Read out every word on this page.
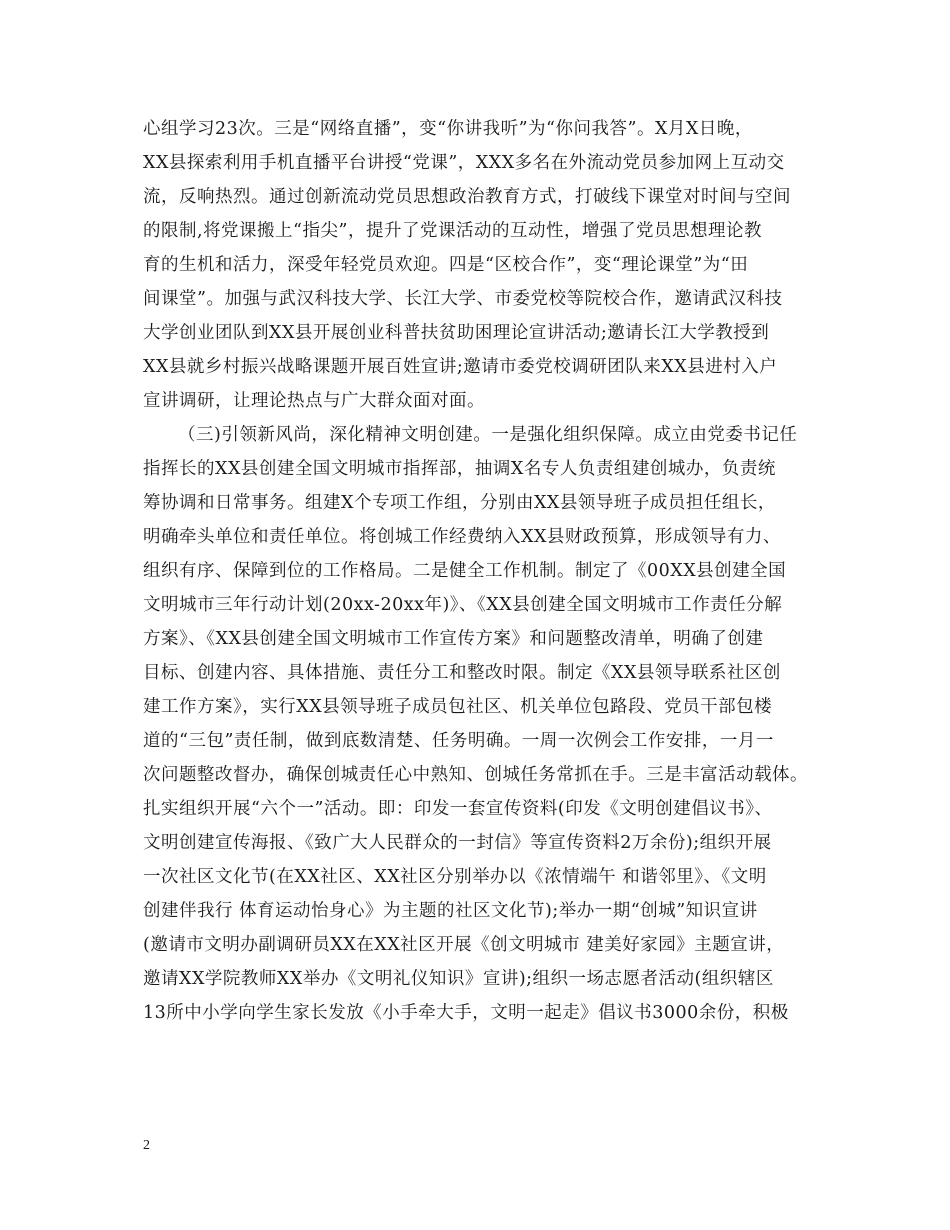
心组学习23次。三是“网络直播”，变“你讲我听”为“你问我答”。X月X日晚，
XX县探索利用手机直播平台讲授“党课”，XXX多名在外流动党员参加网上互动交
流，反响热烈。通过创新流动党员思想政治教育方式，打破线下课堂对时间与空间
的限制,将党课搬上“指尖”，提升了党课活动的互动性，增强了党员思想理论教
育的生机和活力，深受年轻党员欢迎。四是“区校合作”，变“理论课堂”为“田
间课堂”。加强与武汉科技大学、长江大学、市委党校等院校合作，邀请武汉科技
大学创业团队到XX县开展创业科普扶贫助困理论宣讲活动;邀请长江大学教授到
XX县就乡村振兴战略课题开展百姓宣讲;邀请市委党校调研团队来XX县进村入户
宣讲调研，让理论热点与广大群众面对面。
（三)引领新风尚，深化精神文明创建。一是强化组织保障。成立由党委书记任
指挥长的XX县创建全国文明城市指挥部，抽调X名专人负责组建创城办，负责统
筹协调和日常事务。组建X个专项工作组，分别由XX县领导班子成员担任组长，
明确牵头单位和责任单位。将创城工作经费纳入XX县财政预算，形成领导有力、
组织有序、保障到位的工作格局。二是健全工作机制。制定了《00XX县创建全国
文明城市三年行动计划(20xx-20xx年)》、《XX县创建全国文明城市工作责任分解
方案》、《XX县创建全国文明城市工作宣传方案》和问题整改清单，明确了创建
目标、创建内容、具体措施、责任分工和整改时限。制定《XX县领导联系社区创
建工作方案》，实行XX县领导班子成员包社区、机关单位包路段、党员干部包楼
道的“三包”责任制，做到底数清楚、任务明确。一周一次例会工作安排，一月一
次问题整改督办，确保创城责任心中熟知、创城任务常抓在手。三是丰富活动载体。
扎实组织开展“六个一”活动。即：印发一套宣传资料(印发《文明创建倡议书》、
文明创建宣传海报、《致广大人民群众的一封信》等宣传资料2万余份);组织开展
一次社区文化节(在XX社区、XX社区分别举办以《浓情端午 和谐邻里》、《文明
创建伴我行 体育运动怡身心》为主题的社区文化节);举办一期“创城”知识宣讲
(邀请市文明办副调研员XX在XX社区开展《创文明城市 建美好家园》主题宣讲，
邀请XX学院教师XX举办《文明礼仪知识》宣讲);组织一场志愿者活动(组织辖区
13所中小学向学生家长发放《小手牵大手，文明一起走》倡议书3000余份，积极
2
